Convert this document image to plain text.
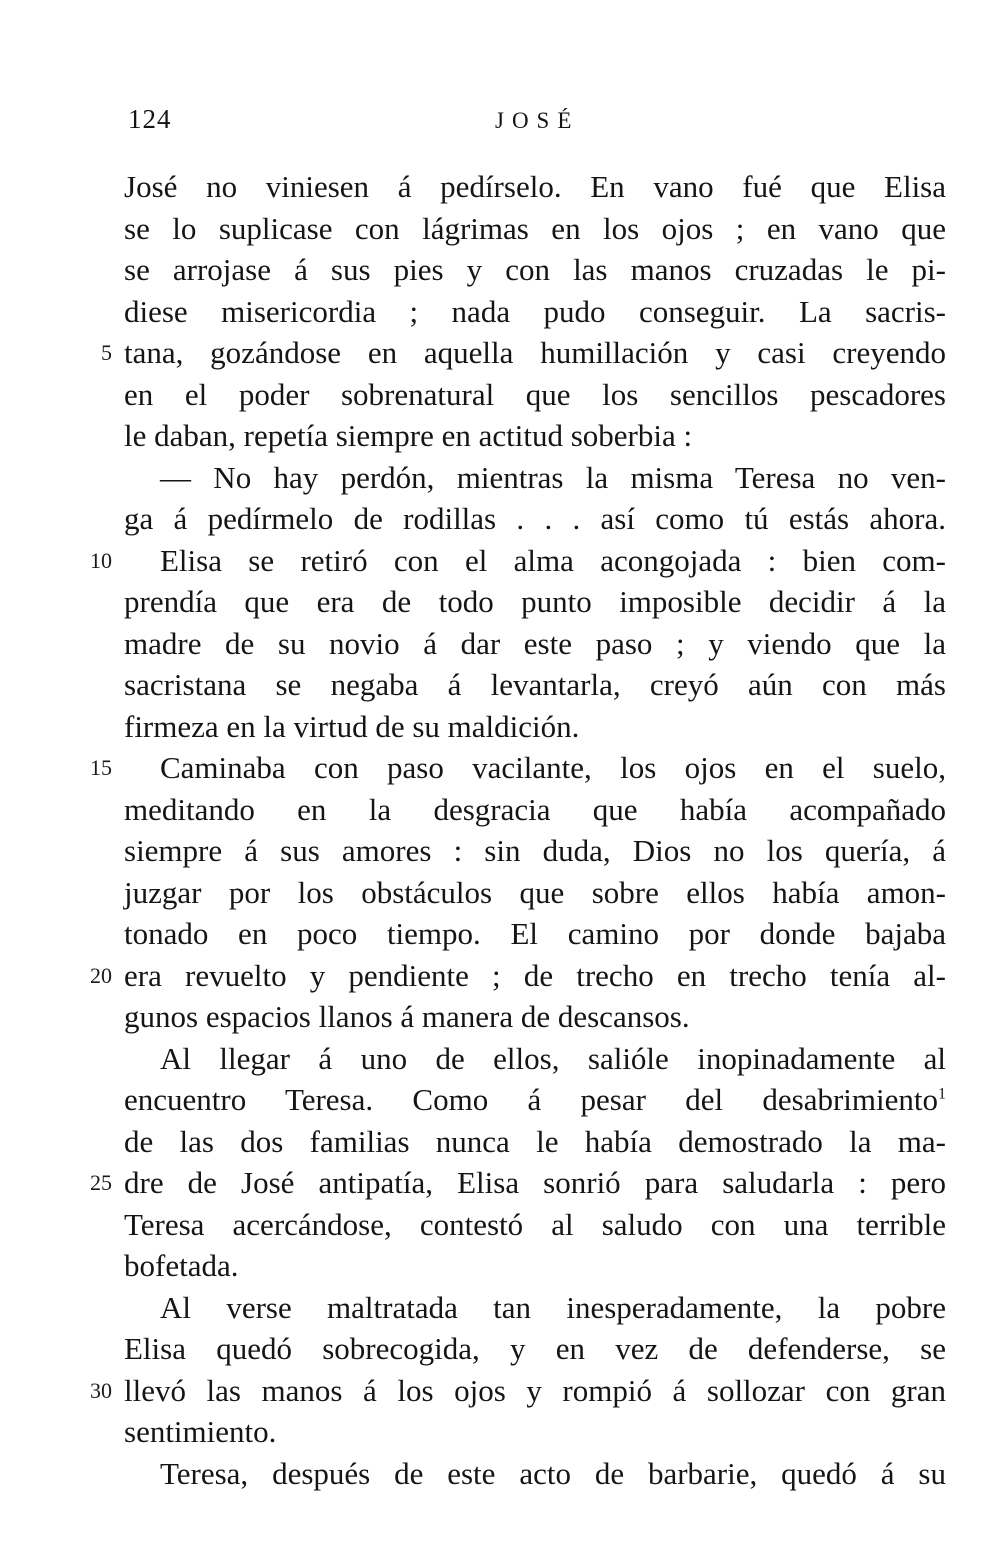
124	JOSÉ
José no viniesen á pedírselo. En vano fué que Elisa
se lo suplicase con lágrimas en los ojos ; en vano que
se arrojase á sus pies y con las manos cruzadas le pi-
diese misericordia ; nada pudo conseguir. La sacris-
tana, gozándose en aquella humillación y casi creyendo
en el poder sobrenatural que los sencillos pescadores
le daban, repetía siempre en actitud soberbia :
— No hay perdón, mientras la misma Teresa no ven-
ga á pedírmelo de rodillas . . . así como tú estás ahora.
Elisa se retiró con el alma acongojada : bien com-
prendía que era de todo punto imposible decidir á la
madre de su novio á dar este paso ; y viendo que la
sacristana se negaba á levantarla, creyó aún con más
firmeza en la virtud de su maldición.
Caminaba con paso vacilante, los ojos en el suelo,
meditando en la desgracia que había acompañado
siempre á sus amores : sin duda, Dios no los quería, á
juzgar por los obstáculos que sobre ellos había amon-
tonado en poco tiempo. El camino por donde bajaba
era revuelto y pendiente ; de trecho en trecho tenía al-
gunos espacios llanos á manera de descansos.
Al llegar á uno de ellos, salióle inopinadamente al
encuentro Teresa. Como á pesar del desabrimiento$^1$
de las dos familias nunca le había demostrado la ma-
dre de José antipatía, Elisa sonrió para saludarla : pero
Teresa acercándose, contestó al saludo con una terrible
bofetada.
Al verse maltratada tan inesperadamente, la pobre
Elisa quedó sobrecogida, y en vez de defenderse, se
llevó las manos á los ojos y rompió á sollozar con gran
sentimiento.
Teresa, después de este acto de barbarie, quedó á su
5
10
15
20
25
30
